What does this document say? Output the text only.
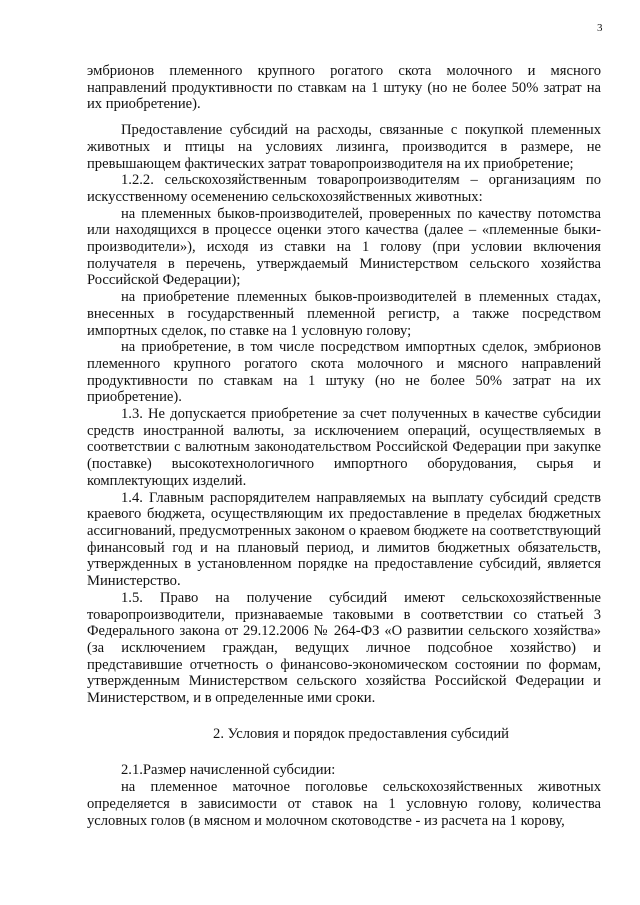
3

эмбрионов племенного крупного рогатого скота молочного и мясного направлений продуктивности по ставкам на 1 штуку (но не более 50% затрат на их приобретение).

Предоставление субсидий на расходы, связанные с покупкой племенных животных и птицы на условиях лизинга, производится в размере, не превышающем фактических затрат товаропроизводителя на их приобретение;

1.2.2. сельскохозяйственным товаропроизводителям – организациям по искусственному осеменению сельскохозяйственных животных:

на племенных быков-производителей, проверенных по качеству потомства или находящихся в процессе оценки этого качества (далее – «племенные быки-производители»), исходя из ставки на 1 голову (при условии включения получателя в перечень, утверждаемый Министерством сельского хозяйства Российской Федерации);

на приобретение племенных быков-производителей в племенных стадах, внесенных в государственный племенной регистр, а также посредством импортных сделок, по ставке на 1 условную голову;

на приобретение, в том числе посредством импортных сделок, эмбрионов племенного крупного рогатого скота молочного и мясного направлений продуктивности по ставкам на 1 штуку (но не более 50% затрат на их приобретение).

1.3. Не допускается приобретение за счет полученных в качестве субсидии средств иностранной валюты, за исключением операций, осуществляемых в соответствии с валютным законодательством Российской Федерации при закупке (поставке) высокотехнологичного импортного оборудования, сырья и комплектующих изделий.

1.4. Главным распорядителем направляемых на выплату субсидий средств краевого бюджета, осуществляющим их предоставление в пределах бюджетных ассигнований, предусмотренных законом о краевом бюджете на соответствующий финансовый год и на плановый период, и лимитов бюджетных обязательств, утвержденных в установленном порядке на предоставление субсидий, является Министерство.

1.5. Право на получение субсидий имеют сельскохозяйственные товаропроизводители, признаваемые таковыми в соответствии со статьей 3 Федерального закона от 29.12.2006 № 264-ФЗ «О развитии сельского хозяйства» (за исключением граждан, ведущих личное подсобное хозяйство) и представившие отчетность о финансово-экономическом состоянии по формам, утвержденным Министерством сельского хозяйства Российской Федерации и Министерством, и в определенные ими сроки.

2. Условия и порядок предоставления субсидий

2.1.Размер начисленной субсидии:

на племенное маточное поголовье сельскохозяйственных животных определяется в зависимости от ставок на 1 условную голову, количества условных голов (в мясном и молочном скотоводстве - из расчета на 1 корову,
